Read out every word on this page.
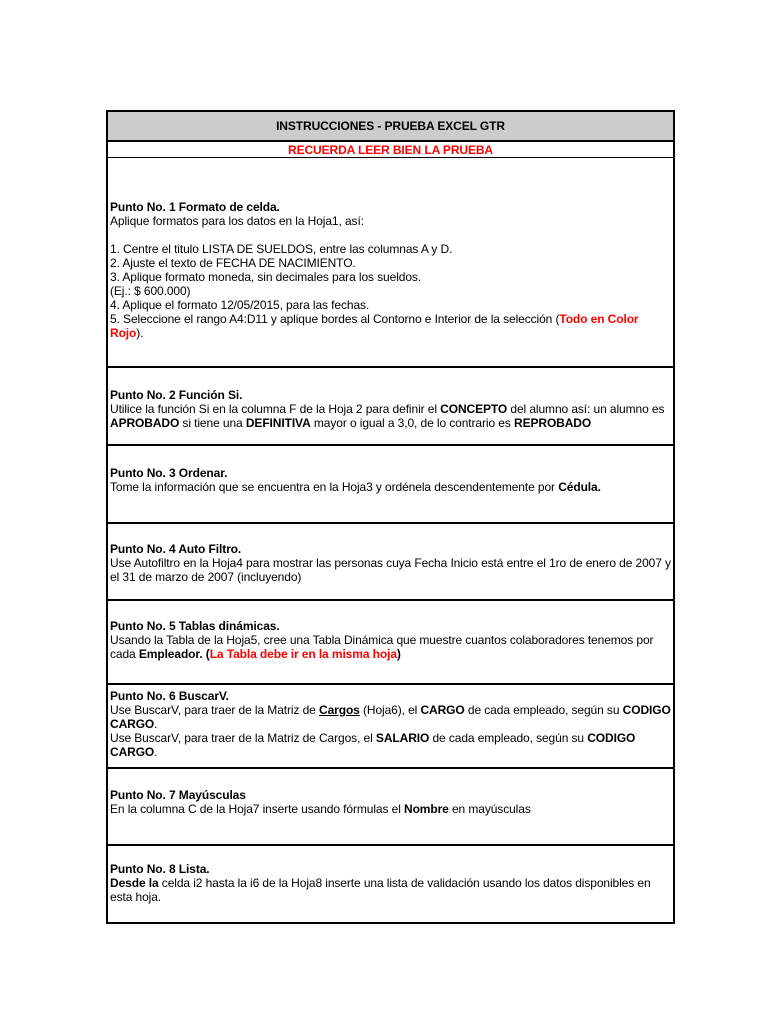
INSTRUCCIONES - PRUEBA EXCEL GTR
RECUERDA LEER BIEN LA PRUEBA

Punto No. 1 Formato de celda.

Aplique formatos para los datos en la Hoja1, así:

1. Centre el titulo LISTA DE SUELDOS, entre las columnas A y D.

2. Ajuste el texto de FECHA DE NACIMIENTO.

3. Aplique formato moneda, sin decimales para los sueldos.

(Ej.: $ 600.000)

4. Aplique el formato 12/05/2015, para las fechas.

5. Seleccione el rango A4:D11 y aplique bordes al Contorno e Interior de la selección (Todo en Color Rojo).

Punto No. 2 Función Si.

Utilice la función Si en la columna F de la Hoja 2 para definir el CONCEPTO del alumno así: un alumno es APROBADO si tiene una DEFINITIVA mayor o igual a 3,0, de lo contrario es REPROBADO

Punto No. 3 Ordenar.

Tome la información que se encuentra en la Hoja3 y ordénela descendentemente por Cédula.

Punto No. 4 Auto Filtro.

Use Autofiltro en la Hoja4 para mostrar las personas cuya Fecha Inicio está entre el 1ro de enero de 2007 y el 31 de marzo de 2007 (incluyendo)

Punto No. 5 Tablas dinámicas.

Usando la Tabla de la Hoja5, cree una Tabla Dinámica que muestre cuantos colaboradores tenemos por cada Empleador. (La Tabla debe ir en la misma hoja)

Punto No. 6 BuscarV.

Use BuscarV, para traer de la Matriz de Cargos (Hoja6), el CARGO de cada empleado, según su CODIGO CARGO.

Use BuscarV, para traer de la Matriz de Cargos, el SALARIO de cada empleado, según su CODIGO CARGO.

Punto No. 7 Mayúsculas

En la columna C de la Hoja7 inserte usando fórmulas el Nombre en mayúsculas

Punto No. 8 Lista.

Desde la celda i2 hasta la i6 de la Hoja8 inserte una lista de validación usando los datos disponibles en esta hoja.
